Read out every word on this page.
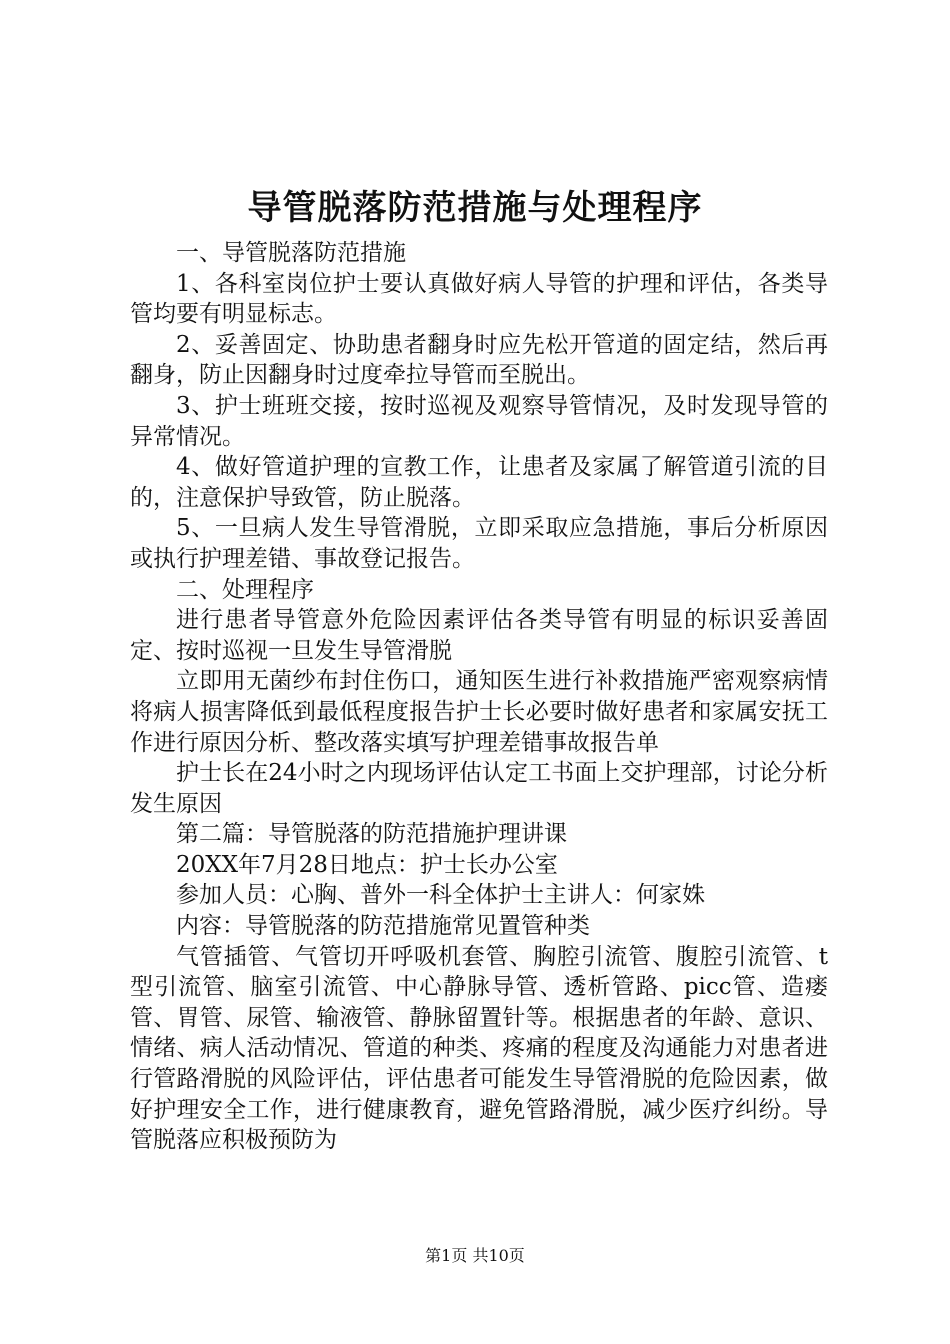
导管脱落防范措施与处理程序

一、导管脱落防范措施

1、各科室岗位护士要认真做好病人导管的护理和评估，各类导管均要有明显标志。

2、妥善固定、协助患者翻身时应先松开管道的固定结，然后再翻身，防止因翻身时过度牵拉导管而至脱出。

3、护士班班交接，按时巡视及观察导管情况，及时发现导管的异常情况。

4、做好管道护理的宣教工作，让患者及家属了解管道引流的目的，注意保护导致管，防止脱落。

5、一旦病人发生导管滑脱，立即采取应急措施，事后分析原因或执行护理差错、事故登记报告。

二、处理程序

进行患者导管意外危险因素评估各类导管有明显的标识妥善固定、按时巡视一旦发生导管滑脱

立即用无菌纱布封住伤口，通知医生进行补救措施严密观察病情将病人损害降低到最低程度报告护士长必要时做好患者和家属安抚工作进行原因分析、整改落实填写护理差错事故报告单

护士长在24小时之内现场评估认定工书面上交护理部，讨论分析发生原因

第二篇：导管脱落的防范措施护理讲课

20XX年7月28日地点：护士长办公室

参加人员：心胸、普外一科全体护士主讲人：何家姝

内容：导管脱落的防范措施常见置管种类

气管插管、气管切开呼吸机套管、胸腔引流管、腹腔引流管、t型引流管、脑室引流管、中心静脉导管、透析管路、picc管、造瘘管、胃管、尿管、输液管、静脉留置针等。根据患者的年龄、意识、情绪、病人活动情况、管道的种类、疼痛的程度及沟通能力对患者进行管路滑脱的风险评估，评估患者可能发生导管滑脱的危险因素，做好护理安全工作，进行健康教育，避免管路滑脱，减少医疗纠纷。导管脱落应积极预防为

第1页 共10页
